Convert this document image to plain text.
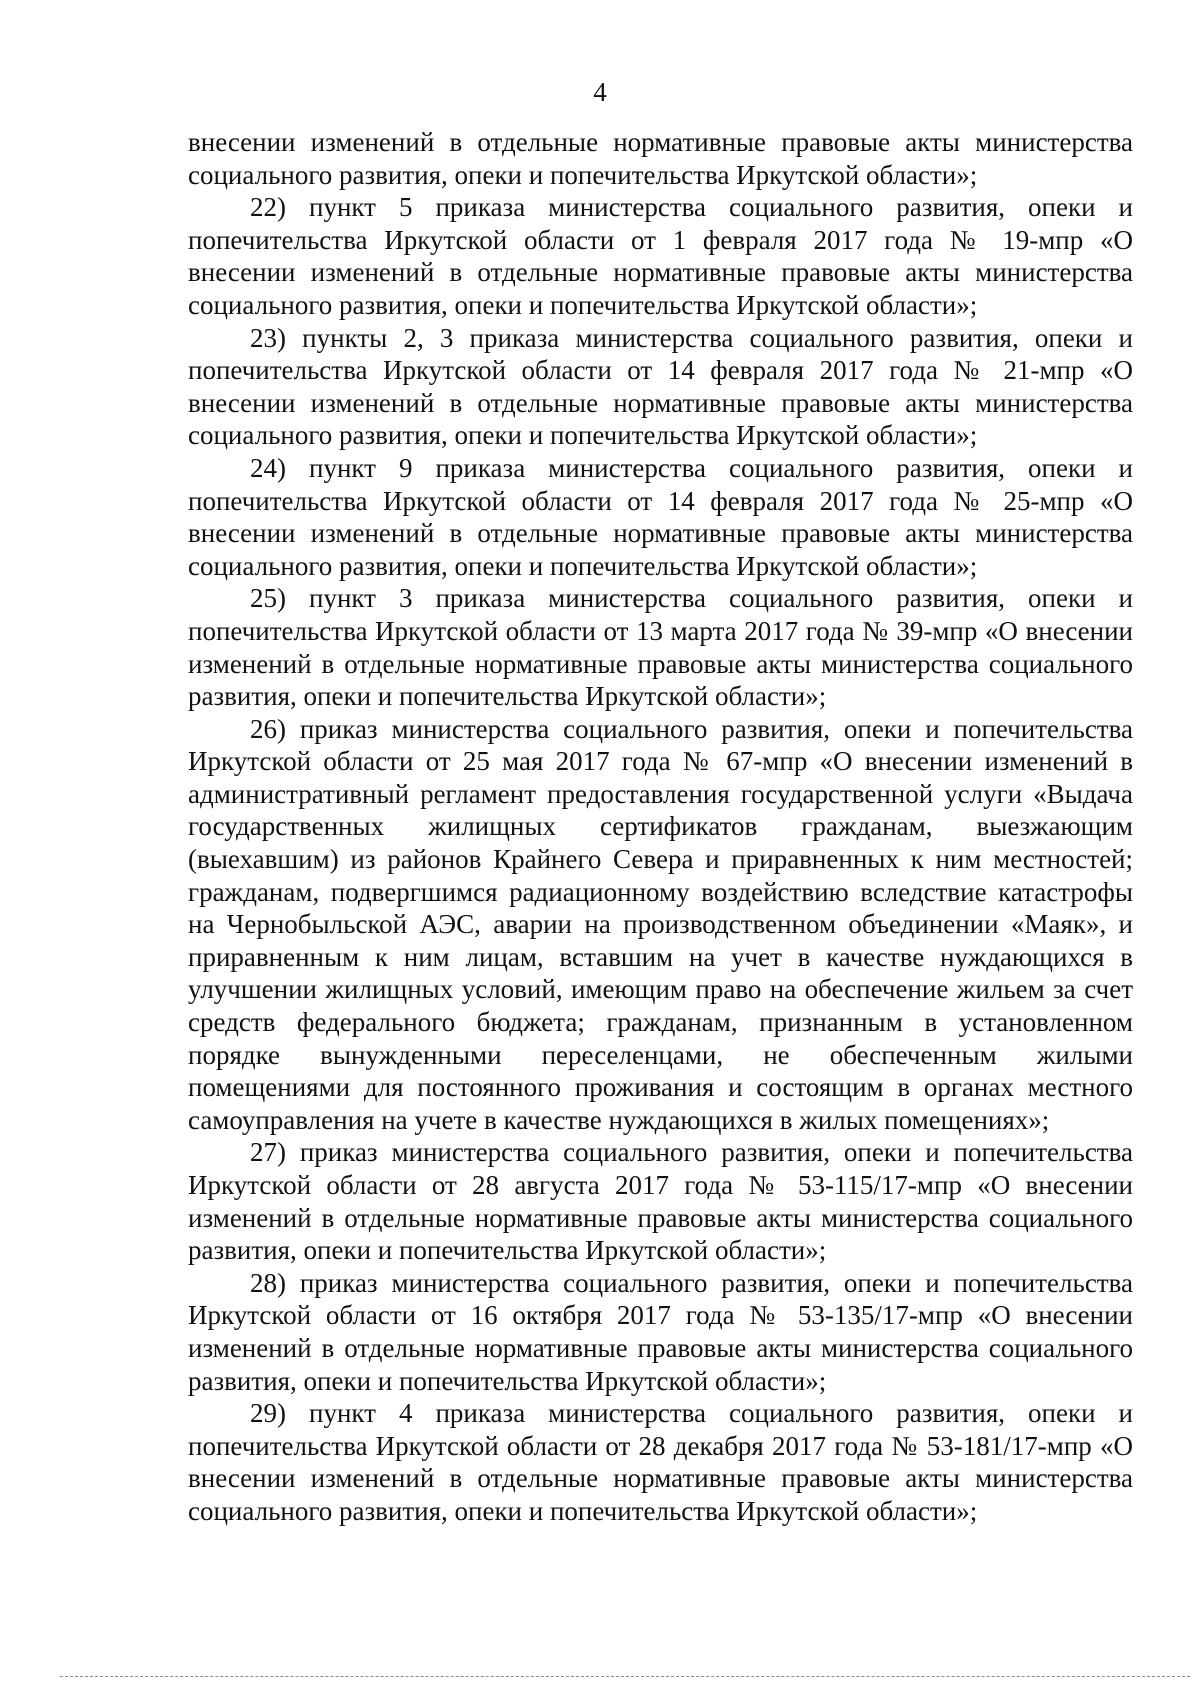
4

внесении изменений в отдельные нормативные правовые акты министерства социального развития, опеки и попечительства Иркутской области»;

22) пункт 5 приказа министерства социального развития, опеки и попечительства Иркутской области от 1 февраля 2017 года № 19-мпр «О внесении изменений в отдельные нормативные правовые акты министерства социального развития, опеки и попечительства Иркутской области»;

23) пункты 2, 3 приказа министерства социального развития, опеки и попечительства Иркутской области от 14 февраля 2017 года № 21-мпр «О внесении изменений в отдельные нормативные правовые акты министерства социального развития, опеки и попечительства Иркутской области»;

24) пункт 9 приказа министерства социального развития, опеки и попечительства Иркутской области от 14 февраля 2017 года № 25-мпр «О внесении изменений в отдельные нормативные правовые акты министерства социального развития, опеки и попечительства Иркутской области»;

25) пункт 3 приказа министерства социального развития, опеки и попечительства Иркутской области от 13 марта 2017 года № 39-мпр «О внесении изменений в отдельные нормативные правовые акты министерства социального развития, опеки и попечительства Иркутской области»;

26) приказ министерства социального развития, опеки и попечительства Иркутской области от 25 мая 2017 года № 67-мпр «О внесении изменений в административный регламент предоставления государственной услуги «Выдача государственных жилищных сертификатов гражданам, выезжающим (выехавшим) из районов Крайнего Севера и приравненных к ним местностей; гражданам, подвергшимся радиационному воздействию вследствие катастрофы на Чернобыльской АЭС, аварии на производственном объединении «Маяк», и приравненным к ним лицам, вставшим на учет в качестве нуждающихся в улучшении жилищных условий, имеющим право на обеспечение жильем за счет средств федерального бюджета; гражданам, признанным в установленном порядке вынужденными переселенцами, не обеспеченным жилыми помещениями для постоянного проживания и состоящим в органах местного самоуправления на учете в качестве нуждающихся в жилых помещениях»;

27) приказ министерства социального развития, опеки и попечительства Иркутской области от 28 августа 2017 года № 53-115/17-мпр «О внесении изменений в отдельные нормативные правовые акты министерства социального развития, опеки и попечительства Иркутской области»;

28) приказ министерства социального развития, опеки и попечительства Иркутской области от 16 октября 2017 года № 53-135/17-мпр «О внесении изменений в отдельные нормативные правовые акты министерства социального развития, опеки и попечительства Иркутской области»;

29) пункт 4 приказа министерства социального развития, опеки и попечительства Иркутской области от 28 декабря 2017 года № 53-181/17-мпр «О внесении изменений в отдельные нормативные правовые акты министерства социального развития, опеки и попечительства Иркутской области»;
